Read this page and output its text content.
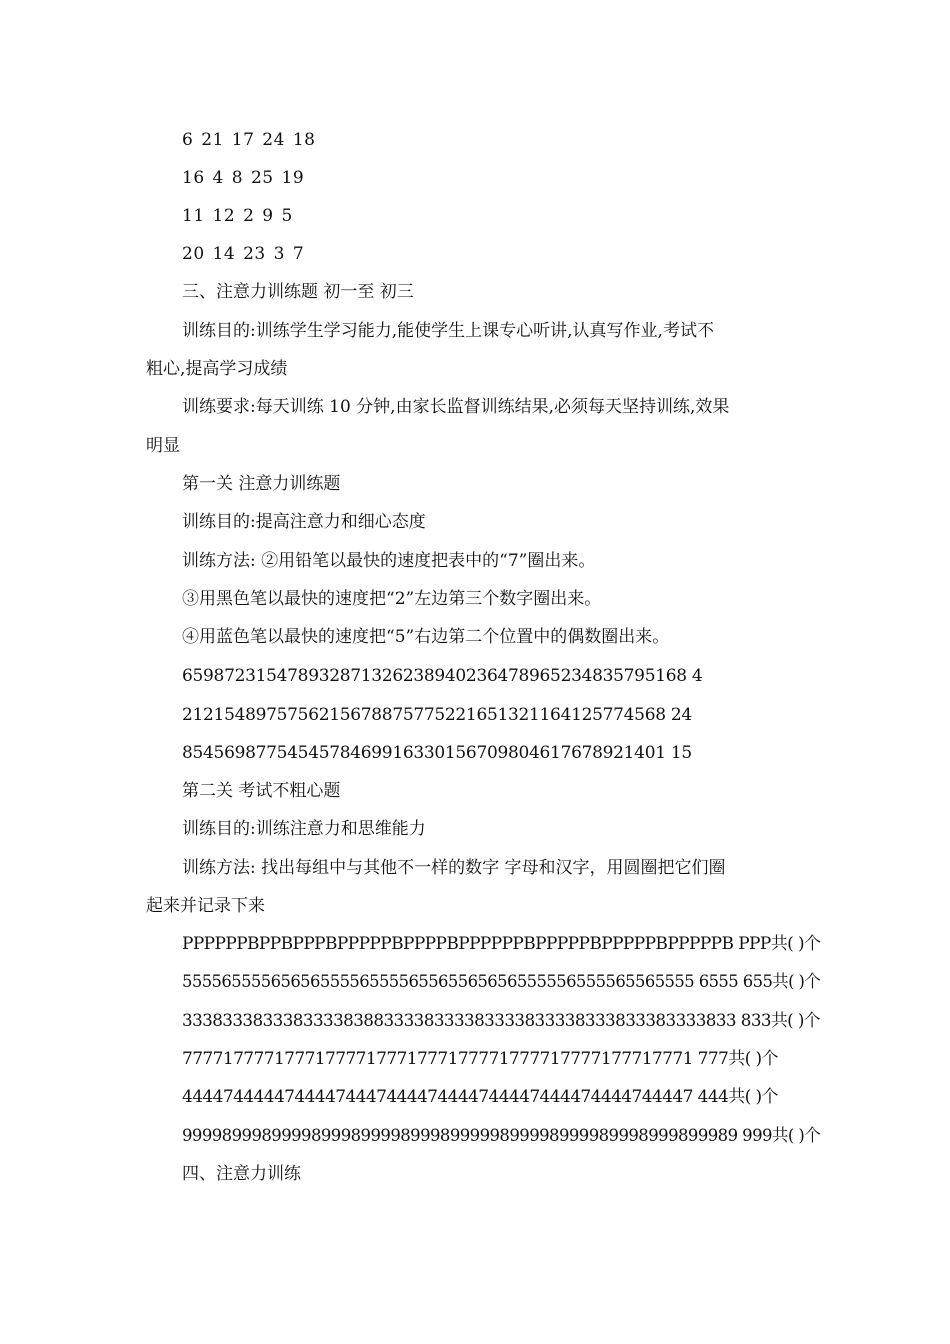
6 21 17 24 18
16 4 8 25 19
11 12 2 9 5
20 14 23 3 7
三、注意力训练题 初一至 初三
训练目的:训练学生学习能力,能使学生上课专心听讲,认真写作业,考试不
粗心,提高学习成绩
训练要求:每天训练 10 分钟,由家长监督训练结果,必须每天坚持训练,效果
明显
第一关 注意力训练题
训练目的:提高注意力和细心态度
训练方法: ②用铅笔以最快的速度把表中的“7”圈出来。
③用黑色笔以最快的速度把“2”左边第三个数字圈出来。
④用蓝色笔以最快的速度把“5”右边第二个位置中的偶数圈出来。
659872315478932871326238940236478965234835795168 4
2121548975756215678875775221651321164125774568 24
8545698775454578469916330156709804617678921401 15
第二关 考试不粗心题
训练目的:训练注意力和思维能力
训练方法: 找出每组中与其他不一样的数字 字母和汉字，用圆圈把它们圈
起来并记录下来
PPPPPPBPPBPPPBPPPPPBPPPPBPPPPPPBPPPPPBPPPPPBPPPPPB PPP共( )个
5555655556565655556555565565565656555556555565565555 6555 655共( )个
3338333833383333838833338333383333833338333833383333833 833共( )个
77771777717771777717771777177771777717777177717771 777共( )个
44447444447444474447444474444744447444474444744447 444共( )个
99998999899998999899998999899999899998999989998999899989 999共( )个
四、注意力训练
